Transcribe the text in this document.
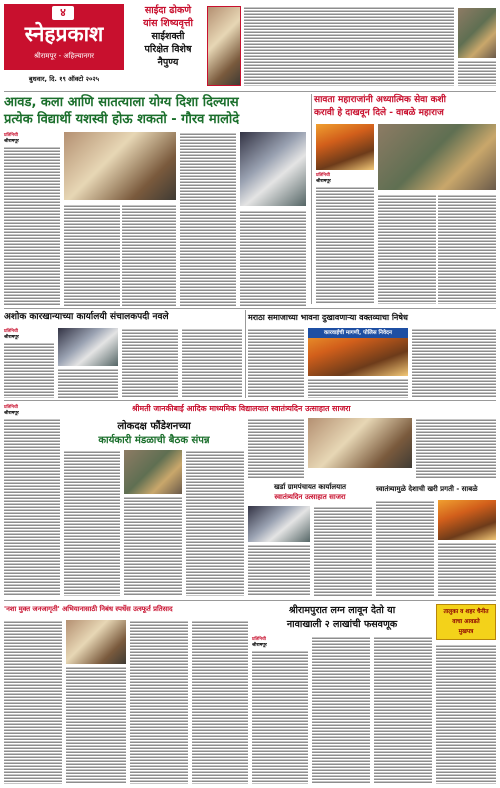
४
स्नेहप्रकाश
श्रीरामपूर - अहिल्यानगर
बुधवार, दि. १९ ऑक्टो २०२५
साईदा ढोकणे
यांस शिष्यवृत्ती
साईशक्ती
परिक्षेत विशेष
नैपुण्य
आवड, कला आणि सातत्याला योग्य दिशा दिल्यास
प्रत्येक विद्यार्थी यशस्वी होऊ शकतो - गौरव मालोदे
सावता महाराजांनी अध्यात्मिक सेवा कशी
करावी हे दाखवून दिले - वाबळे महाराज
प्रतिनिधी
श्रीरामपूर
प्रतिनिधी
श्रीरामपूर
अशोक कारखान्याच्या कार्यालयी संचालकपदी नवले	मराठा समाजाच्या भावना दुखावणाऱ्या वक्तव्याचा निषेध
प्रतिनिधी
श्रीरामपूर
कारवाईची मागणी, पोलिस निवेदन
श्रीमती जानकीबाई आदिक माध्यमिक विद्यालयात स्वातंत्र्यदिन उत्साहात साजरा
प्रतिनिधी
श्रीरामपूर
लोकदक्ष फौंडेशनच्या
कार्यकारी मंडळाची बैठक संपन्न
खर्डा ग्रामपंचायत कार्यालयात
स्वातंत्र्यदिन उत्साहात साजरा
स्वातंत्र्यामुळे देशाची खरी प्रगती - साबळे
'नशा मुक्त जनजागृती' अभियानासाठी निबंध स्पर्धेस उत्स्फूर्त प्रतिसाद	श्रीरामपुरात लग्न लावून देतो या
नावाखाली २ लाखांची फसवणूक
प्रतिनिधी
श्रीरामपूर
तालुका व शहर चैनीत
वाचा आवडते
मुखपत्र
